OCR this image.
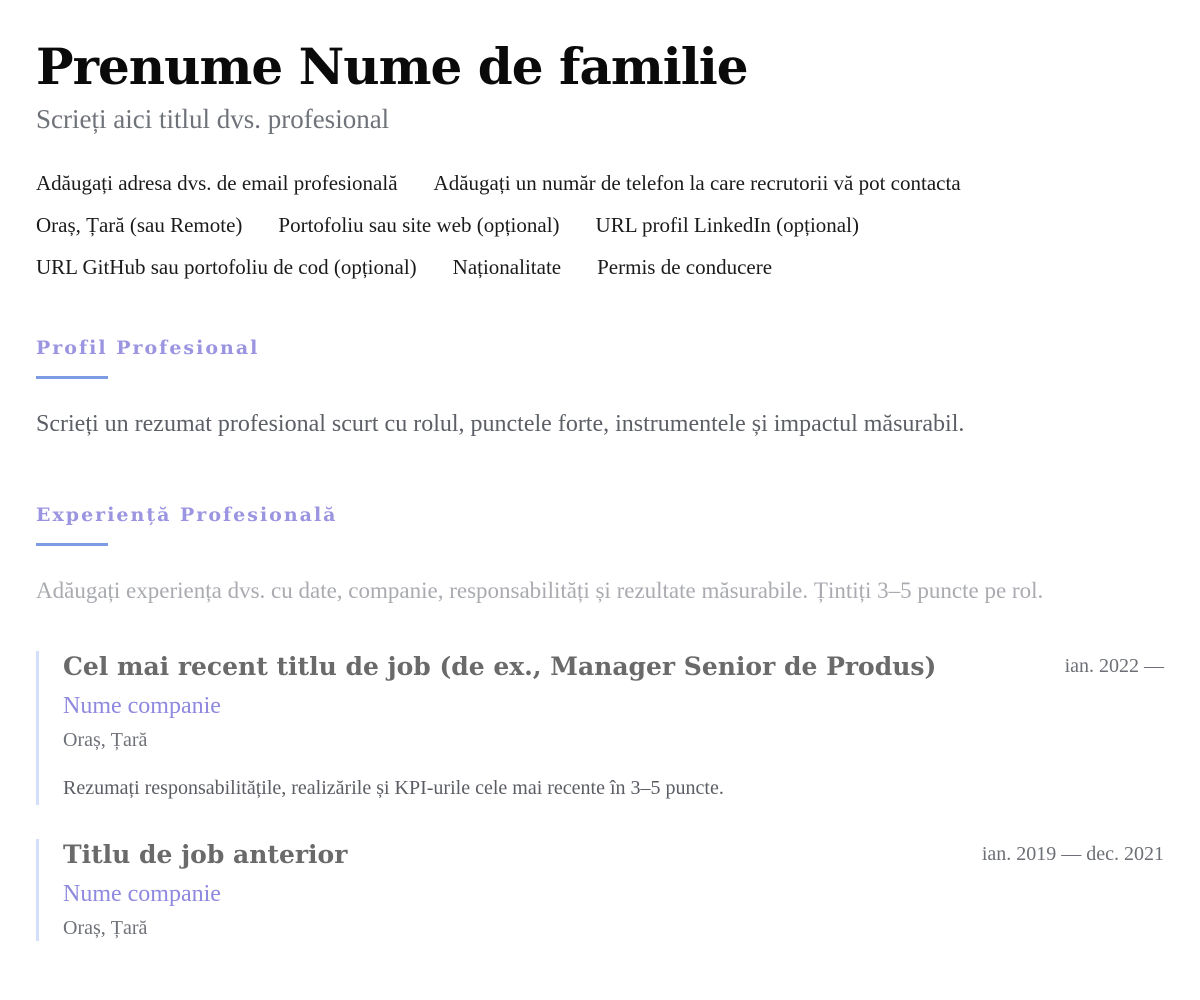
Prenume Nume de familie
Scrieți aici titlul dvs. profesional
Adăugați adresa dvs. de email profesională Adăugați un număr de telefon la care recrutorii vă pot contacta
Oraș, Țară (sau Remote) Portofoliu sau site web (opțional) URL profil LinkedIn (opțional)
URL GitHub sau portofoliu de cod (opțional) Naționalitate Permis de conducere
Profil Profesional
Scrieți un rezumat profesional scurt cu rolul, punctele forte, instrumentele și impactul măsurabil.
Experiență Profesională
Adăugați experiența dvs. cu date, companie, responsabilități și rezultate măsurabile. Țintiți 3–5 puncte pe rol.
Cel mai recent titlu de job (de ex., Manager Senior de Produs)	ian. 2022 —
Nume companie
Oraș, Țară
Rezumați responsabilitățile, realizările și KPI-urile cele mai recente în 3–5 puncte.
Titlu de job anterior	ian. 2019 — dec. 2021
Nume companie
Oraș, Țară
